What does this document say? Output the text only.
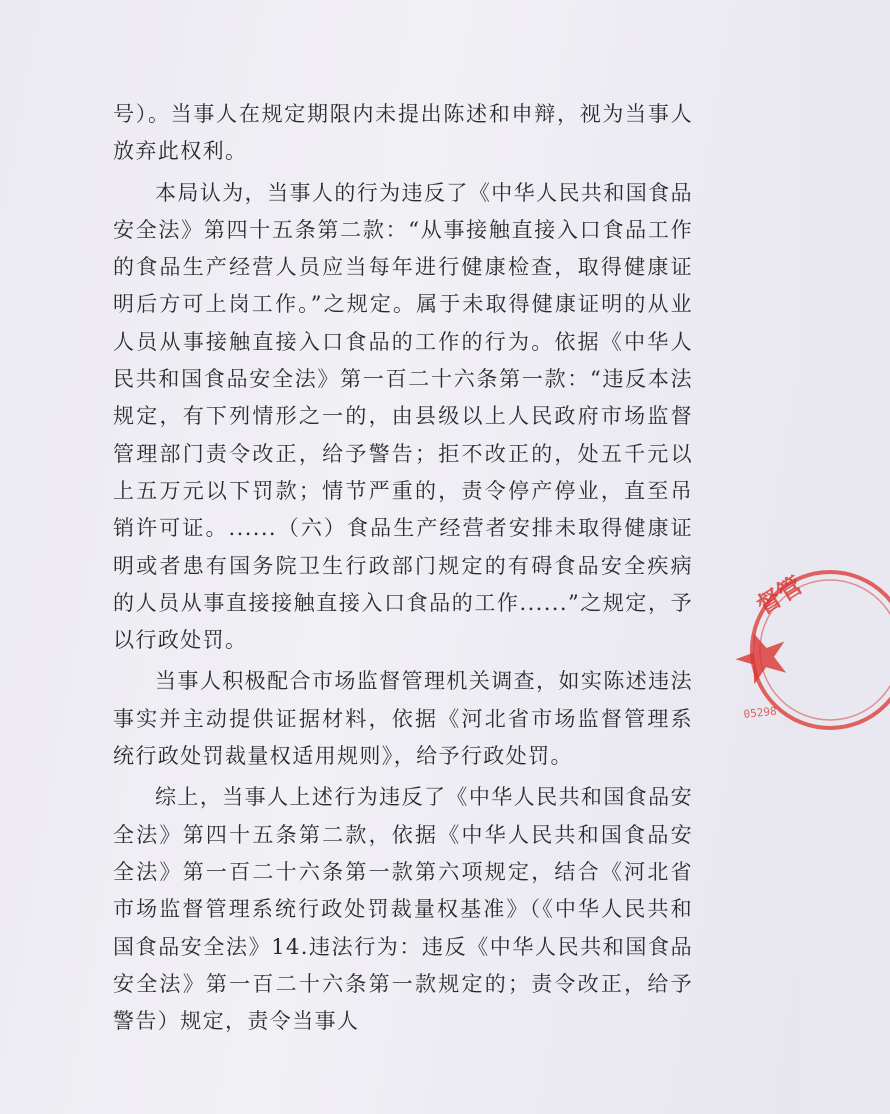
号）。当事人在规定期限内未提出陈述和申辩，视为当事人放弃此权利。

本局认为，当事人的行为违反了《中华人民共和国食品安全法》第四十五条第二款：“从事接触直接入口食品工作的食品生产经营人员应当每年进行健康检查，取得健康证明后方可上岗工作。”之规定。属于未取得健康证明的从业人员从事接触直接入口食品的工作的行为。依据《中华人民共和国食品安全法》第一百二十六条第一款：“违反本法规定，有下列情形之一的，由县级以上人民政府市场监督管理部门责令改正，给予警告；拒不改正的，处五千元以上五万元以下罚款；情节严重的，责令停产停业，直至吊销许可证。......（六）食品生产经营者安排未取得健康证明或者患有国务院卫生行政部门规定的有碍食品安全疾病的人员从事直接接触直接入口食品的工作......”之规定，予以行政处罚。

当事人积极配合市场监督管理机关调查，如实陈述违法事实并主动提供证据材料，依据《河北省市场监督管理系统行政处罚裁量权适用规则》，给予行政处罚。

综上，当事人上述行为违反了《中华人民共和国食品安全法》第四十五条第二款，依据《中华人民共和国食品安全法》第一百二十六条第一款第六项规定，结合《河北省市场监督管理系统行政处罚裁量权基准》（《中华人民共和国食品安全法》14.违法行为：违反《中华人民共和国食品安全法》第一百二十六条第一款规定的；责令改正，给予警告）规定，责令当事人

督管
05298
